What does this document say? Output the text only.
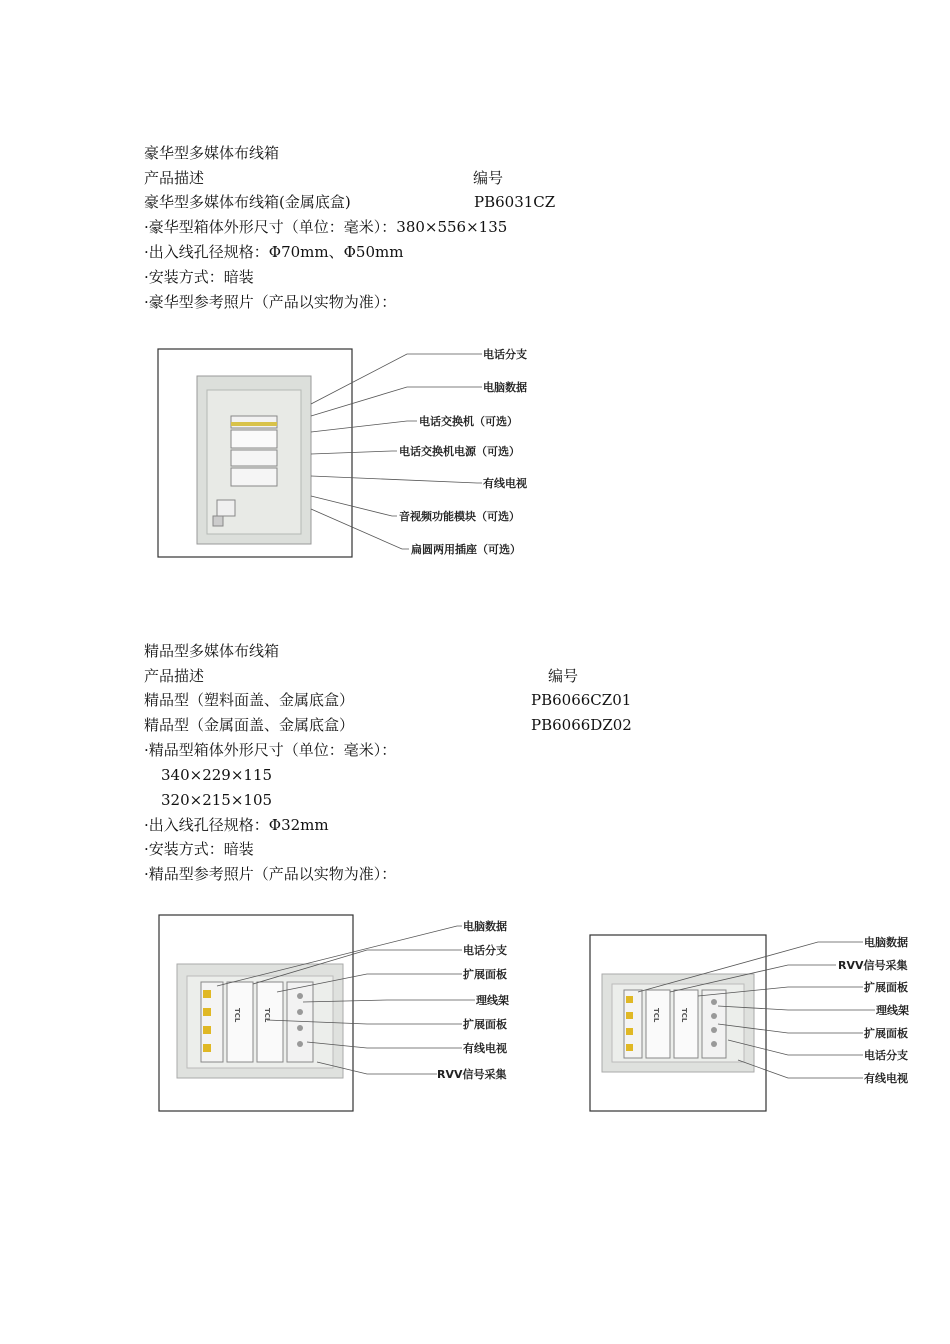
豪华型多媒体布线箱
产品描述	编号
豪华型多媒体布线箱(金属底盒)	PB6031CZ
·豪华型箱体外形尺寸（单位：毫米）：380×556×135
·出入线孔径规格：Φ70mm、Φ50mm
·安装方式：暗装
·豪华型参考照片（产品以实物为准）：
电话分支
电脑数据
电话交换机（可选）
电话交换机电源（可选）
有线电视
音视频功能模块（可选）
扁圆两用插座（可选）
精品型多媒体布线箱
产品描述	编号
精品型（塑料面盖、金属底盒）	PB6066CZ01
精品型（金属面盖、金属底盒）	PB6066DZ02
·精品型箱体外形尺寸（单位：毫米）：
340×229×115
320×215×105
·出入线孔径规格：Φ32mm
·安装方式：暗装
·精品型参考照片（产品以实物为准）：
TCL	TCL
电脑数据
电话分支
扩展面板
理线架
扩展面板
有线电视
RVV信号采集
TCL	TCL
电脑数据
RVV信号采集
扩展面板
理线架
扩展面板
电话分支
有线电视
